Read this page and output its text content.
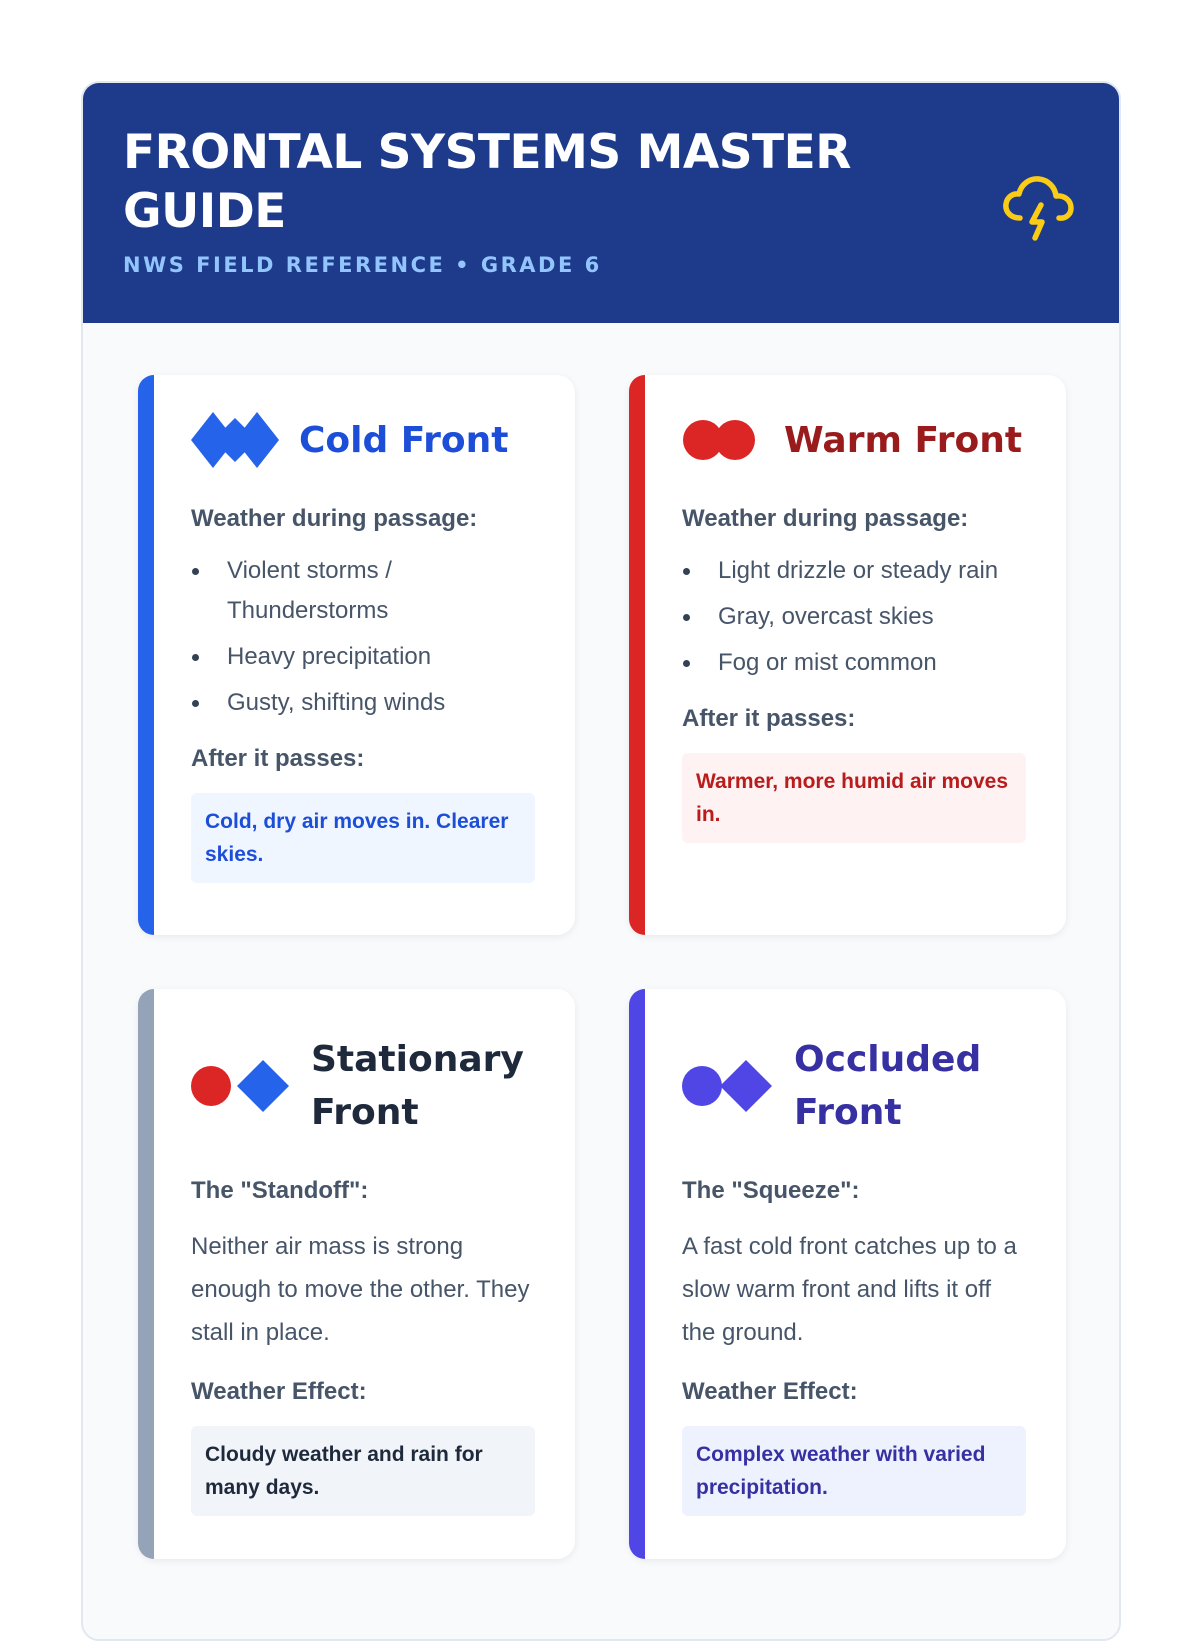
FRONTAL SYSTEMS MASTER GUIDE
NWS FIELD REFERENCE • GRADE 6
Cold Front
Weather during passage:
Violent storms / Thunderstorms
Heavy precipitation
Gusty, shifting winds
After it passes:
Cold, dry air moves in. Clearer skies.
Warm Front
Weather during passage:
Light drizzle or steady rain
Gray, overcast skies
Fog or mist common
After it passes:
Warmer, more humid air moves in.
Stationary Front
The "Standoff":

Neither air mass is strong enough to move the other. They stall in place.

Weather Effect:
Cloudy weather and rain for many days.
Occluded Front
The "Squeeze":

A fast cold front catches up to a slow warm front and lifts it off the ground.

Weather Effect:
Complex weather with varied precipitation.
